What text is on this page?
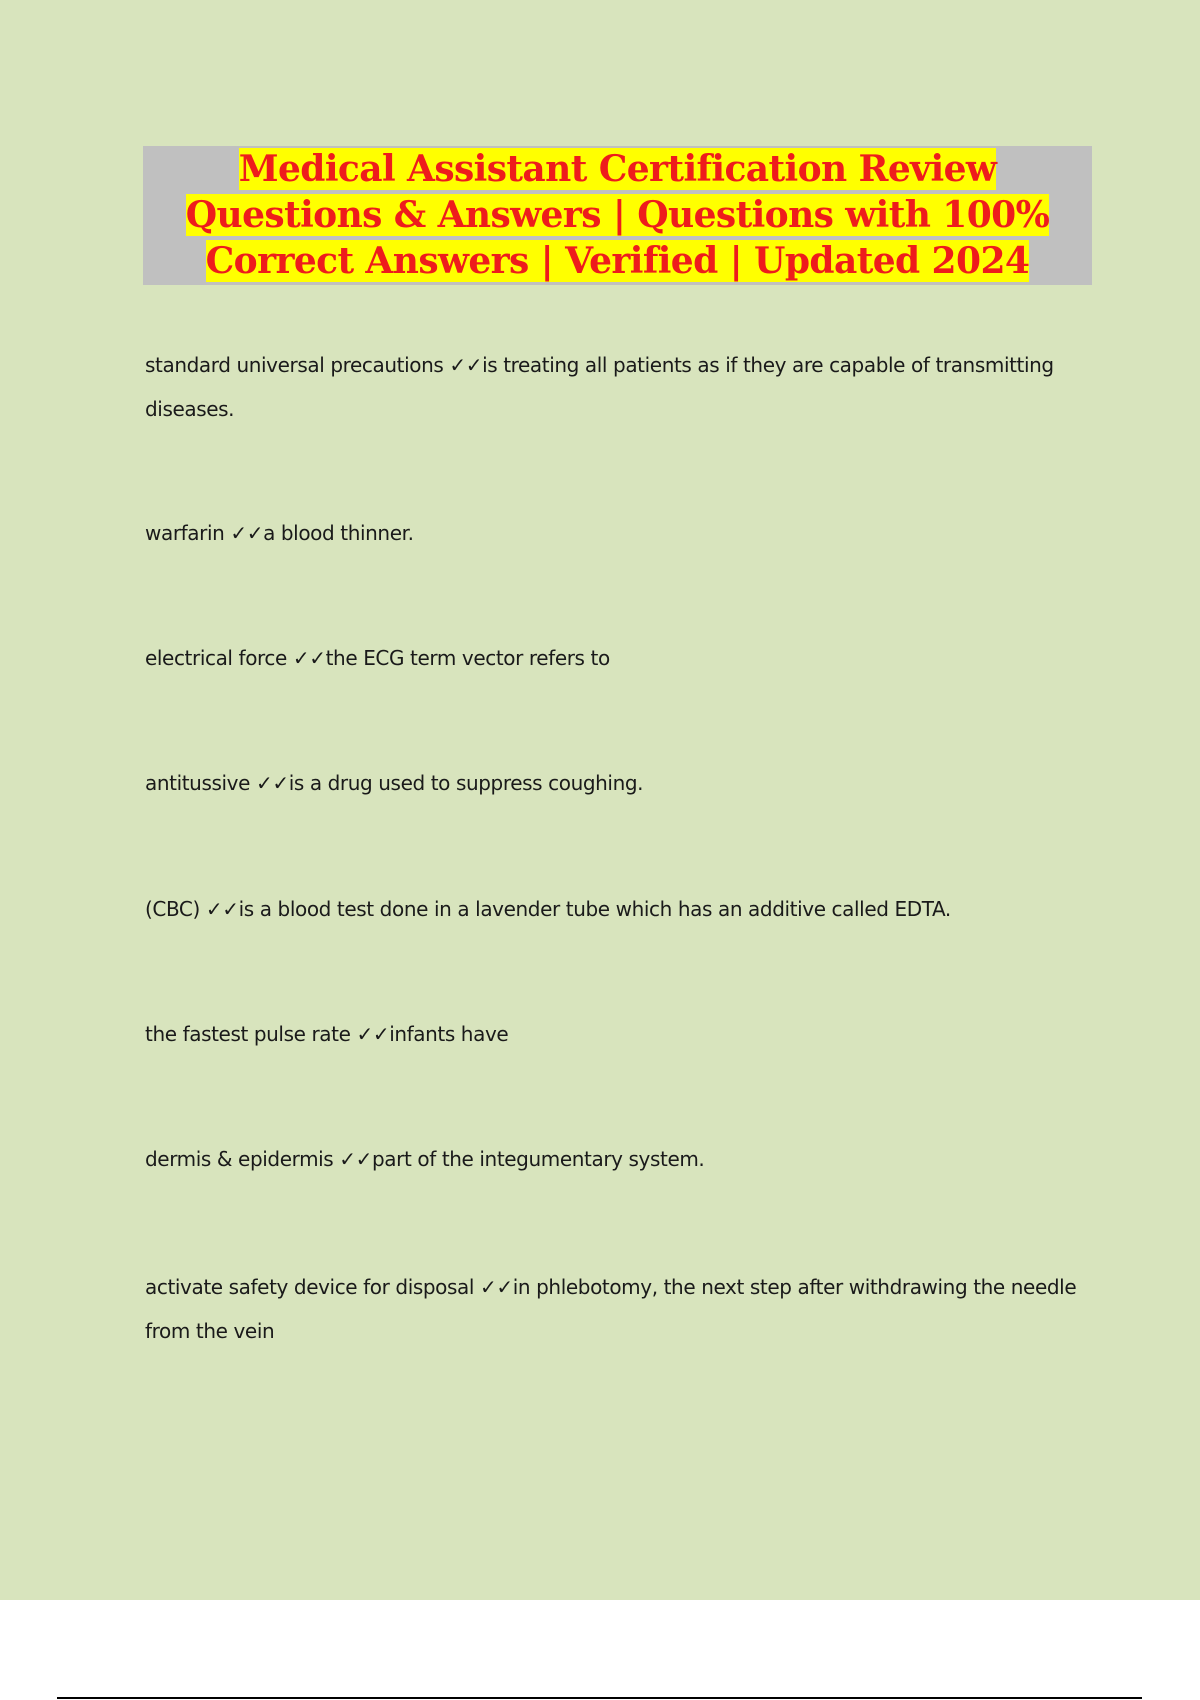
Medical Assistant Certification Review Questions & Answers | Questions with 100% Correct Answers | Verified | Updated 2024

standard universal precautions ✓✓is treating all patients as if they are capable of transmitting diseases.

warfarin ✓✓a blood thinner.

electrical force ✓✓the ECG term vector refers to

antitussive ✓✓is a drug used to suppress coughing.

(CBC) ✓✓is a blood test done in a lavender tube which has an additive called EDTA.

the fastest pulse rate ✓✓infants have

dermis & epidermis ✓✓part of the integumentary system.

activate safety device for disposal ✓✓in phlebotomy, the next step after withdrawing the needle from the vein
